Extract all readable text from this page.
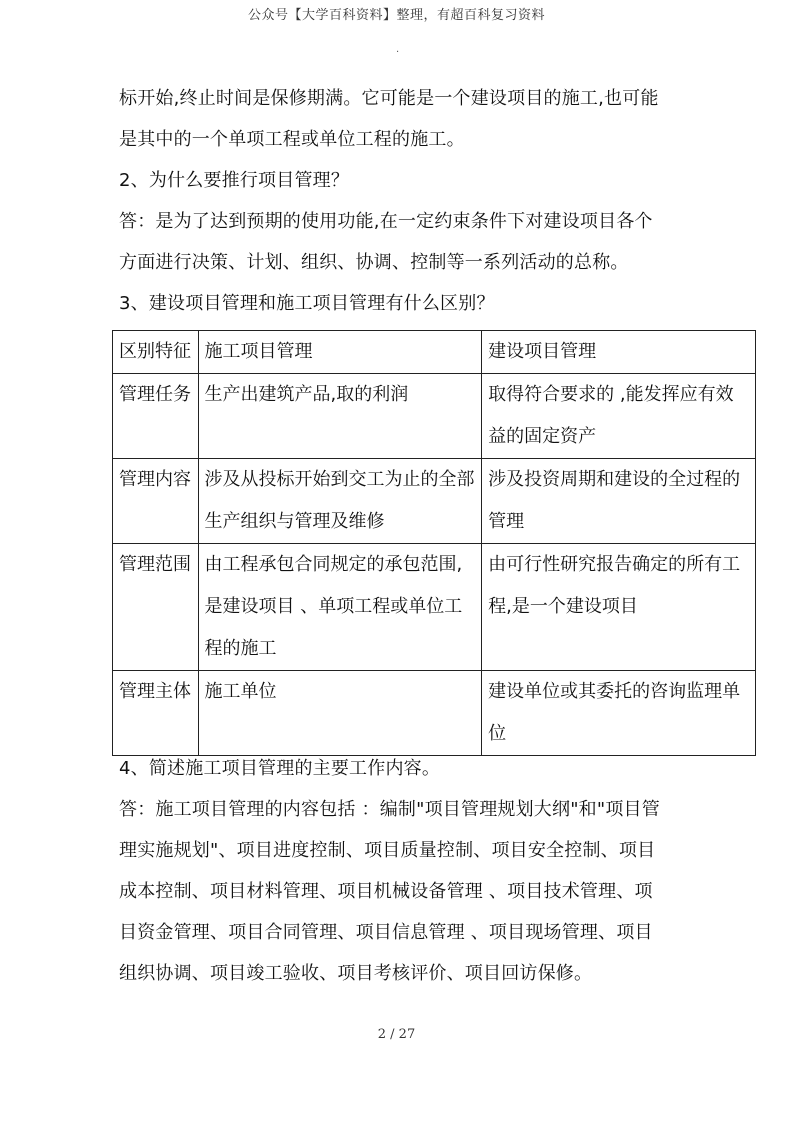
公众号【大学百科资料】整理，有超百科复习资料
.
标开始,终止时间是保修期满。它可能是一个建设项目的施工,也可能
是其中的一个单项工程或单位工程的施工。
2、为什么要推行项目管理？
答：是为了达到预期的使用功能,在一定约束条件下对建设项目各个
方面进行决策、计划、组织、协调、控制等一系列活动的总称。
3、建设项目管理和施工项目管理有什么区别？
区别特征	施工项目管理	建设项目管理
管理任务	生产出建筑产品,取的利润	取得符合要求的 ,能发挥应有效益的固定资产
管理内容	涉及从投标开始到交工为止的全部生产组织与管理及维修	涉及投资周期和建设的全过程的管理
管理范围	由工程承包合同规定的承包范围,是建设项目 、单项工程或单位工程的施工	由可行性研究报告确定的所有工程,是一个建设项目
管理主体	施工单位	建设单位或其委托的咨询监理单位
4、简述施工项目管理的主要工作内容。
答：施工项目管理的内容包括 ：编制"项目管理规划大纲"和"项目管
理实施规划"、项目进度控制、项目质量控制、项目安全控制、项目
成本控制、项目材料管理、项目机械设备管理 、项目技术管理、项
目资金管理、项目合同管理、项目信息管理 、项目现场管理、项目
组织协调、项目竣工验收、项目考核评价、项目回访保修。
2 / 27
